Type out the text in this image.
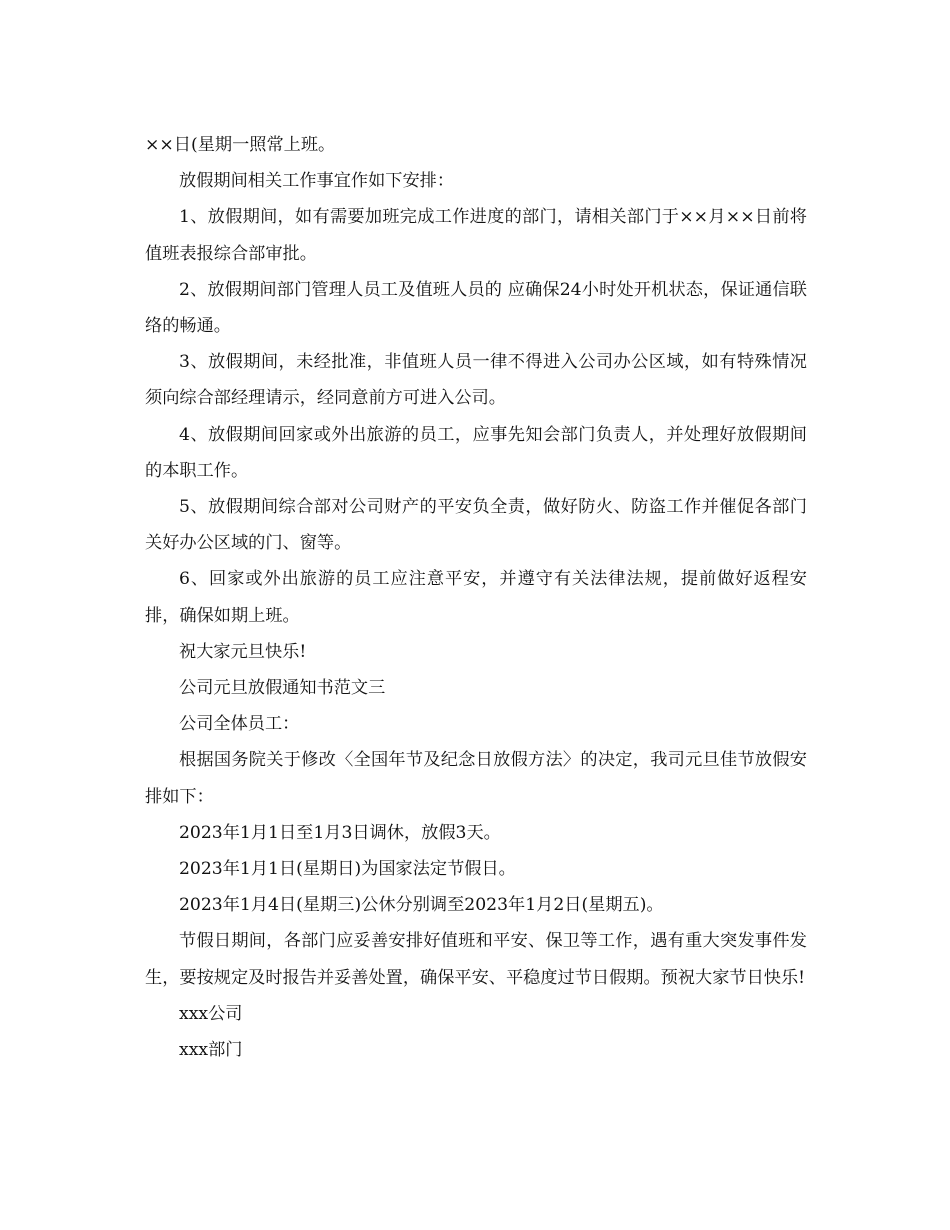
××日(星期一照常上班。

放假期间相关工作事宜作如下安排：

1、放假期间，如有需要加班完成工作进度的部门，请相关部门于××月××日前将值班表报综合部审批。

2、放假期间部门管理人员工及值班人员的 应确保24小时处开机状态，保证通信联络的畅通。

3、放假期间，未经批准，非值班人员一律不得进入公司办公区域，如有特殊情况须向综合部经理请示，经同意前方可进入公司。

4、放假期间回家或外出旅游的员工，应事先知会部门负责人，并处理好放假期间的本职工作。

5、放假期间综合部对公司财产的平安负全责，做好防火、防盗工作并催促各部门关好办公区域的门、窗等。

6、回家或外出旅游的员工应注意平安，并遵守有关法律法规，提前做好返程安排，确保如期上班。

祝大家元旦快乐!

公司元旦放假通知书范文三

公司全体员工：

根据国务院关于修改〈全国年节及纪念日放假方法〉的决定，我司元旦佳节放假安排如下：

2023年1月1日至1月3日调休，放假3天。

2023年1月1日(星期日)为国家法定节假日。

2023年1月4日(星期三)公休分别调至2023年1月2日(星期五)。

节假日期间，各部门应妥善安排好值班和平安、保卫等工作，遇有重大突发事件发生，要按规定及时报告并妥善处置，确保平安、平稳度过节日假期。预祝大家节日快乐!

xxx公司

xxx部门
